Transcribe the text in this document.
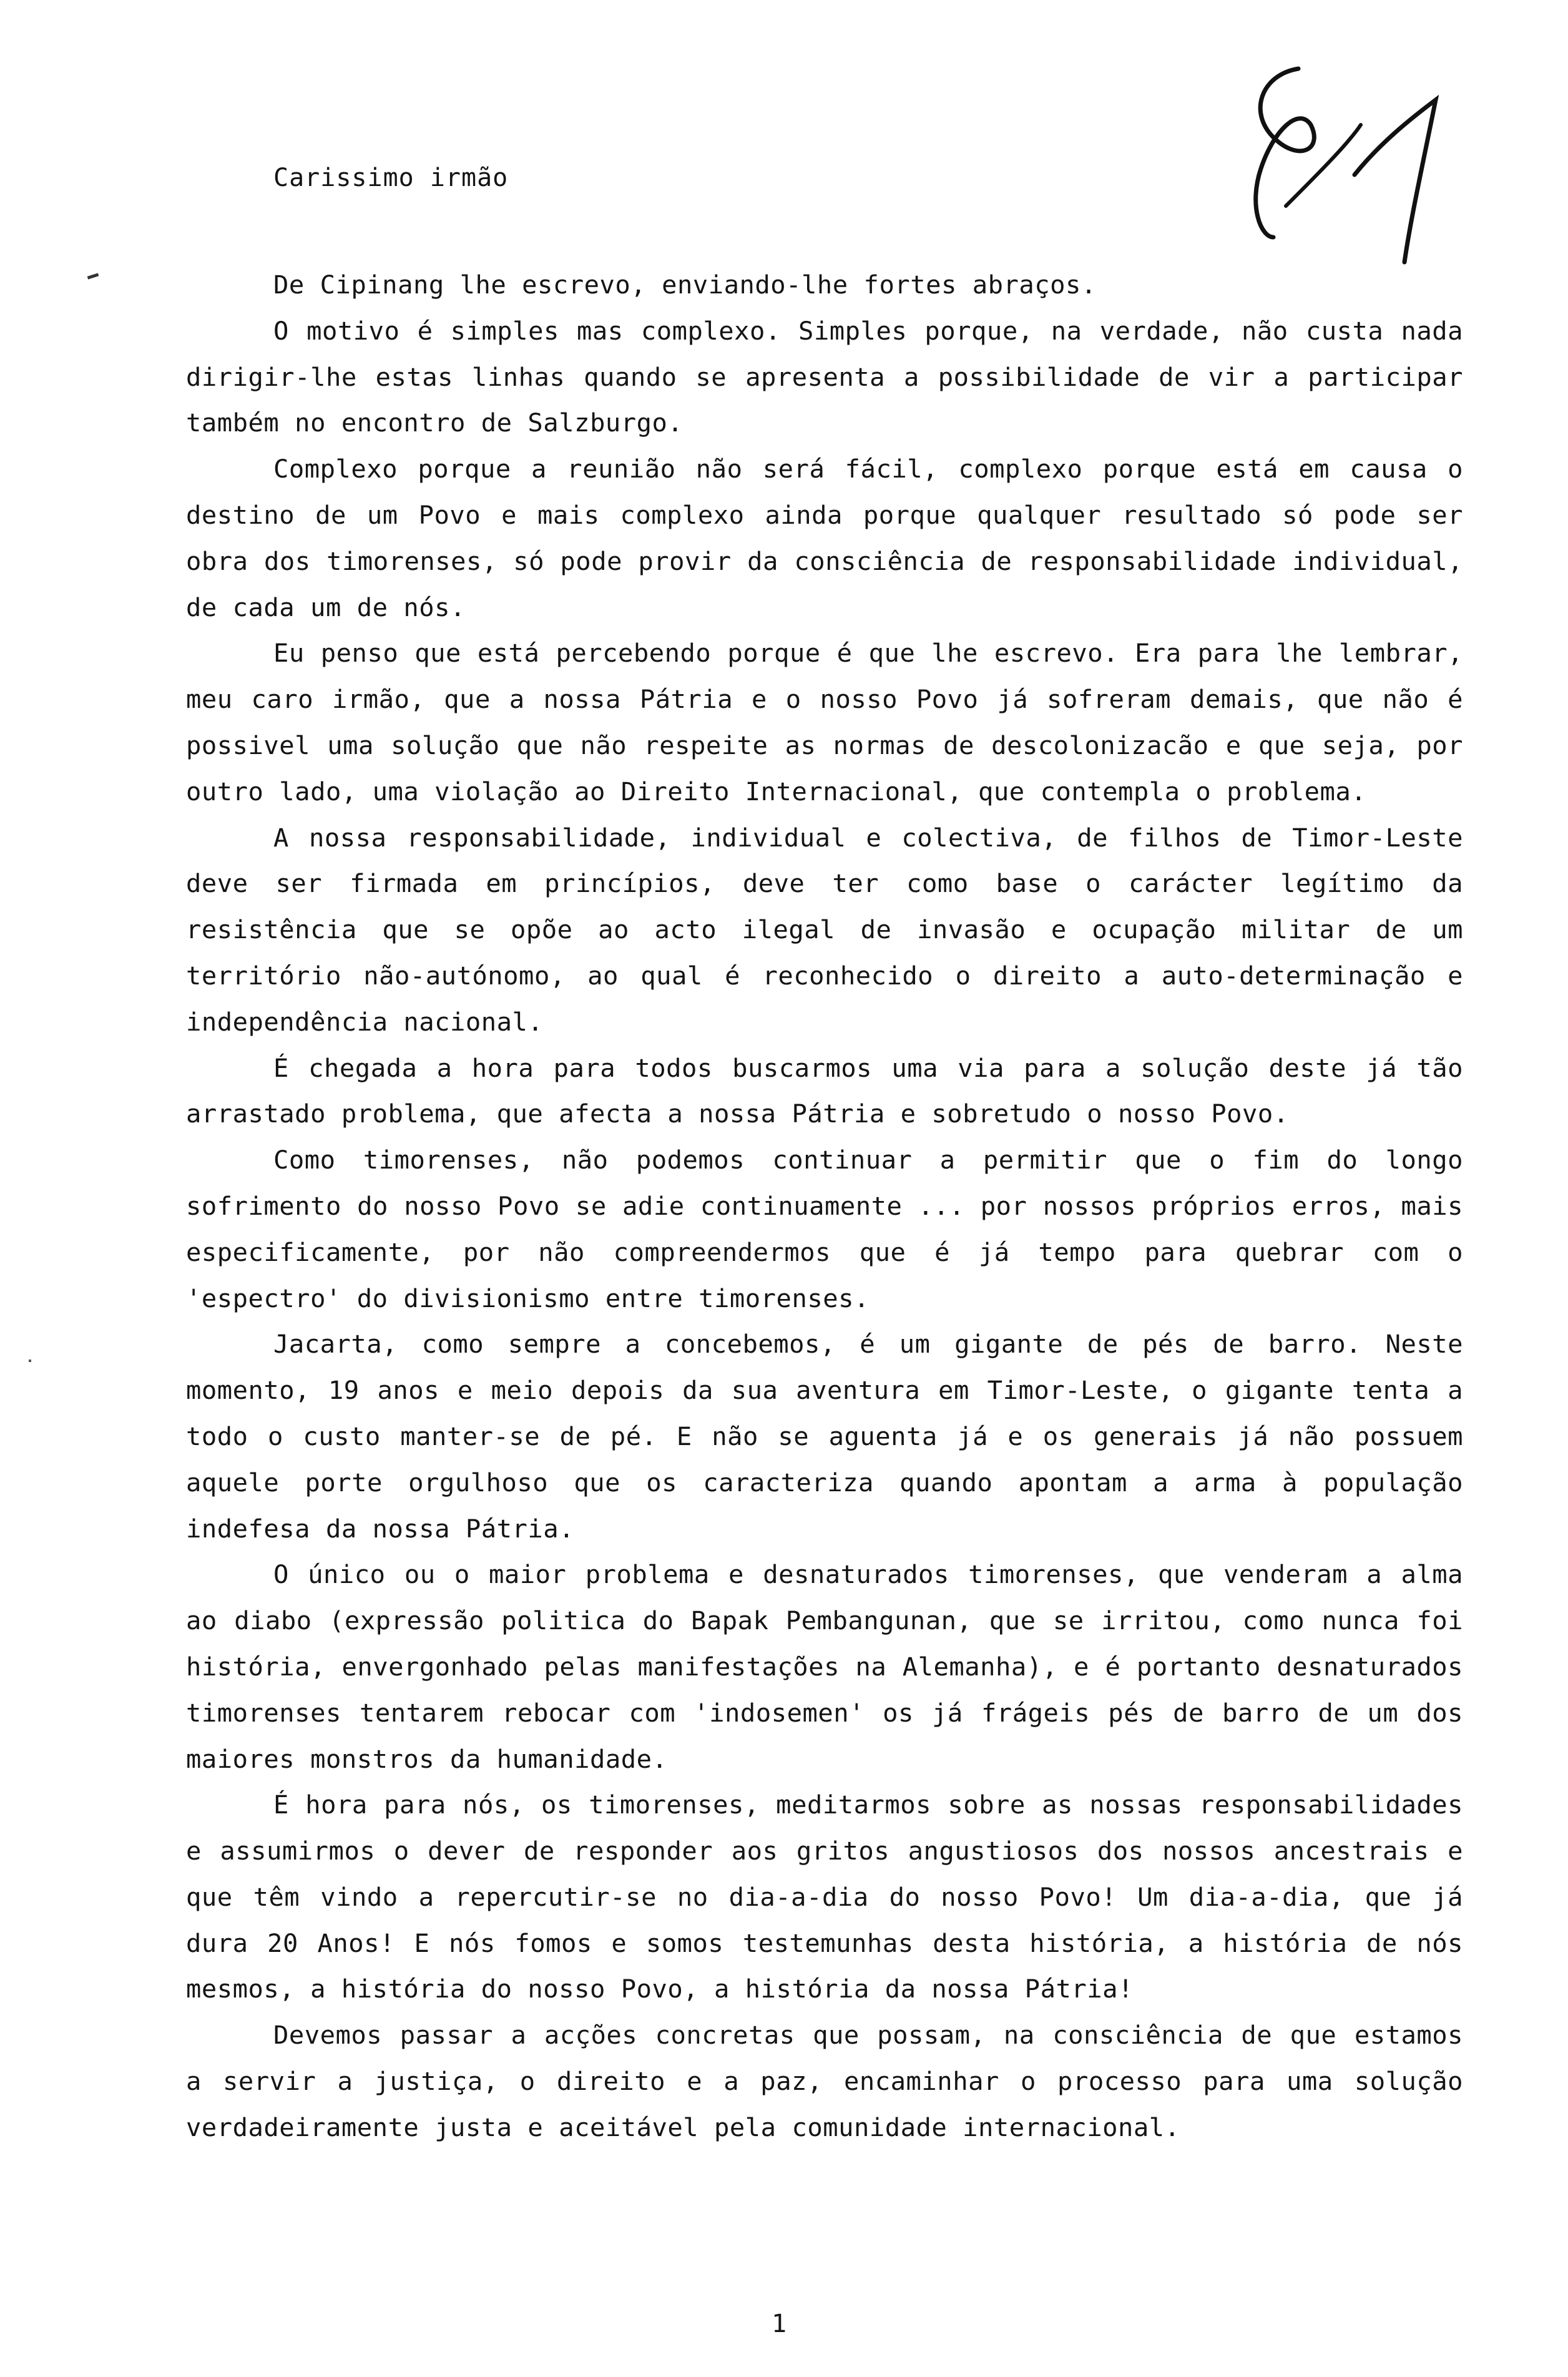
Carissimo irmão

De Cipinang lhe escrevo, enviando-lhe fortes abraços.

O motivo é simples mas complexo. Simples porque, na verdade, não custa nada dirigir-lhe estas linhas quando se apresenta a possibilidade de vir a participar também no encontro de Salzburgo.

Complexo porque a reunião não será fácil, complexo porque está em causa o destino de um Povo e mais complexo ainda porque qualquer resultado só pode ser obra dos timorenses, só pode provir da consciência de responsabilidade individual, de cada um de nós.

Eu penso que está percebendo porque é que lhe escrevo. Era para lhe lembrar, meu caro irmão, que a nossa Pátria e o nosso Povo já sofreram demais, que não é possivel uma solução que não respeite as normas de descolonizacão e que seja, por outro lado, uma violação ao Direito Internacional, que contempla o problema.

A nossa responsabilidade, individual e colectiva, de filhos de Timor-Leste deve ser firmada em princípios, deve ter como base o carácter legítimo da resistência que se opõe ao acto ilegal de invasão e ocupação militar de um território não-autónomo, ao qual é reconhecido o direito a auto-determinação e independência nacional.

É chegada a hora para todos buscarmos uma via para a solução deste já tão arrastado problema, que afecta a nossa Pátria e sobretudo o nosso Povo.

Como timorenses, não podemos continuar a permitir que o fim do longo sofrimento do nosso Povo se adie continuamente ... por nossos próprios erros, mais especificamente, por não compreendermos que é já tempo para quebrar com o 'espectro' do divisionismo entre timorenses.

Jacarta, como sempre a concebemos, é um gigante de pés de barro. Neste momento, 19 anos e meio depois da sua aventura em Timor-Leste, o gigante tenta a todo o custo manter-se de pé. E não se aguenta já e os generais já não possuem aquele porte orgulhoso que os caracteriza quando apontam a arma à população indefesa da nossa Pátria.

O único ou o maior problema e desnaturados timorenses, que venderam a alma ao diabo (expressão politica do Bapak Pembangunan, que se irritou, como nunca foi história, envergonhado pelas manifestações na Alemanha), e é portanto desnaturados timorenses tentarem rebocar com 'indosemen' os já frágeis pés de barro de um dos maiores monstros da humanidade.

É hora para nós, os timorenses, meditarmos sobre as nossas responsabilidades e assumirmos o dever de responder aos gritos angustiosos dos nossos ancestrais e que têm vindo a repercutir-se no dia-a-dia do nosso Povo! Um dia-a-dia, que já dura 20 Anos! E nós fomos e somos testemunhas desta história, a história de nós mesmos, a história do nosso Povo, a história da nossa Pátria!

Devemos passar a acções concretas que possam, na consciência de que estamos a servir a justiça, o direito e a paz, encaminhar o processo para uma solução verdadeiramente justa e aceitável pela comunidade internacional.

1
